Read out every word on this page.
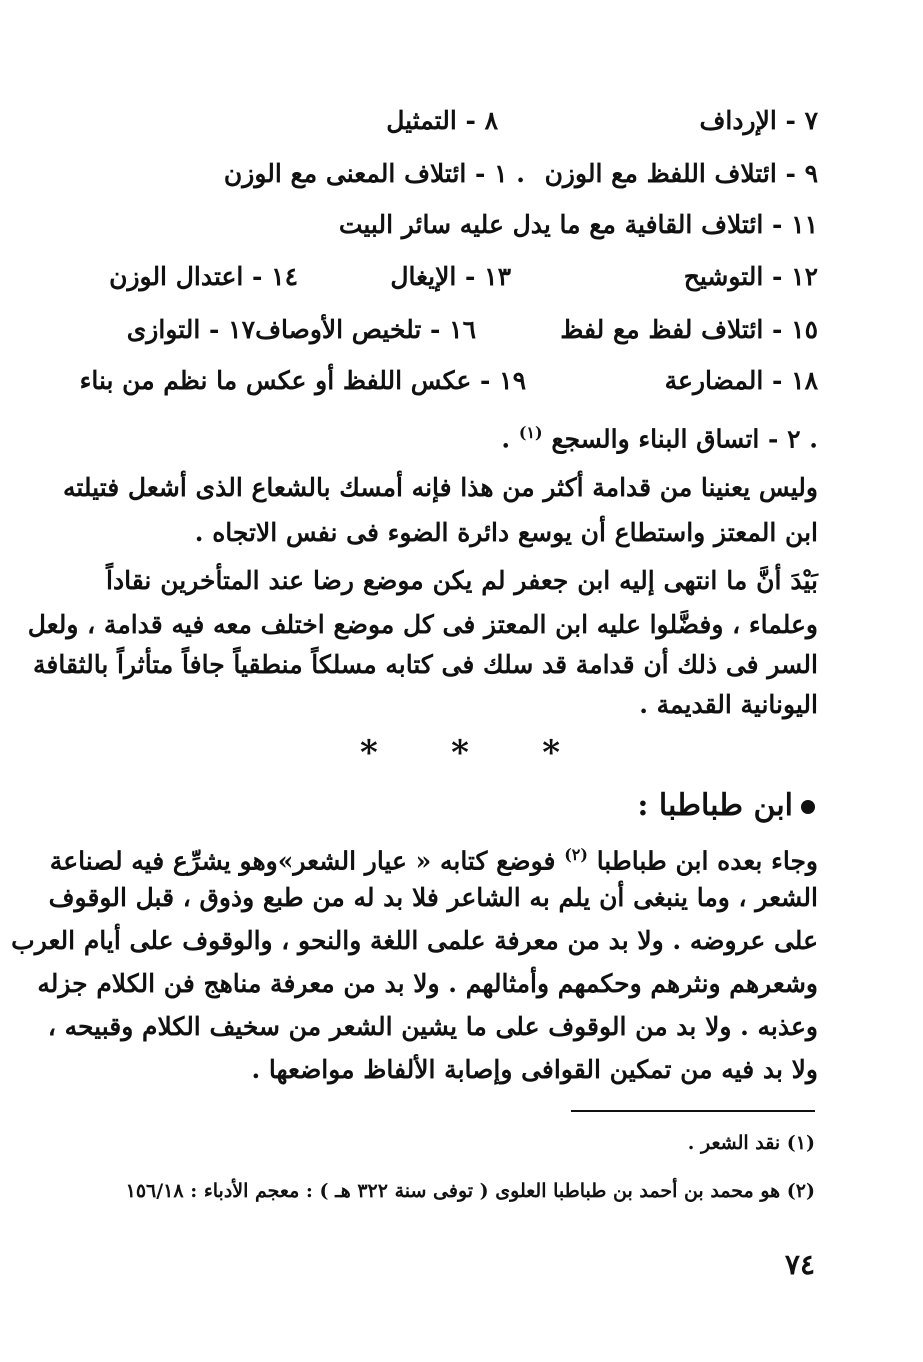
٧ - الإرداف
٨ - التمثيل
٩ - ائتلاف اللفظ مع الوزن
. ١ - ائتلاف المعنى مع الوزن
١١ - ائتلاف القافية مع ما يدل عليه سائر البيت
١٢ - التوشيح
١٣ - الإيغال
١٤ - اعتدال الوزن
١٥ - ائتلاف لفظ مع لفظ
١٦ - تلخيص الأوصاف
١٧ - التوازى
١٨ - المضارعة
١٩ - عكس اللفظ أو عكس ما نظم من بناء
. ٢ - اتساق البناء والسجع $^{(١)}$ .
وليس يعنينا من قدامة أكثر من هذا فإنه أمسك بالشعاع الذى أشعل فتيلته
ابن المعتز واستطاع أن يوسع دائرة الضوء فى نفس الاتجاه .
بَيْدَ أنَّ ما انتهى إليه ابن جعفر لم يكن موضع رضا عند المتأخرين نقاداً
وعلماء ، وفضَّلوا عليه ابن المعتز فى كل موضع اختلف معه فيه قدامة ، ولعل
السر فى ذلك أن قدامة قد سلك فى كتابه مسلكاً منطقياً جافاً متأثراً بالثقافة
اليونانية القديمة .
* * *
ابن طباطبا :
وجاء بعده ابن طباطبا $^{(٢)}$ فوضع كتابه « عيار الشعر»وهو يشرِّع فيه لصناعة
الشعر ، وما ينبغى أن يلم به الشاعر فلا بد له من طبع وذوق ، قبل الوقوف
على عروضه . ولا بد من معرفة علمى اللغة والنحو ، والوقوف على أيام العرب
وشعرهم ونثرهم وحكمهم وأمثالهم . ولا بد من معرفة مناهج فن الكلام جزله
وعذبه . ولا بد من الوقوف على ما يشين الشعر من سخيف الكلام وقبيحه ،
ولا بد فيه من تمكين القوافى وإصابة الألفاظ مواضعها .
(١) نقد الشعر .
(٢) هو محمد بن أحمد بن طباطبا العلوى ( توفى سنة ٣٢٢ هـ ) : معجم الأدباء : ١٥٦/١٨
٧٤
